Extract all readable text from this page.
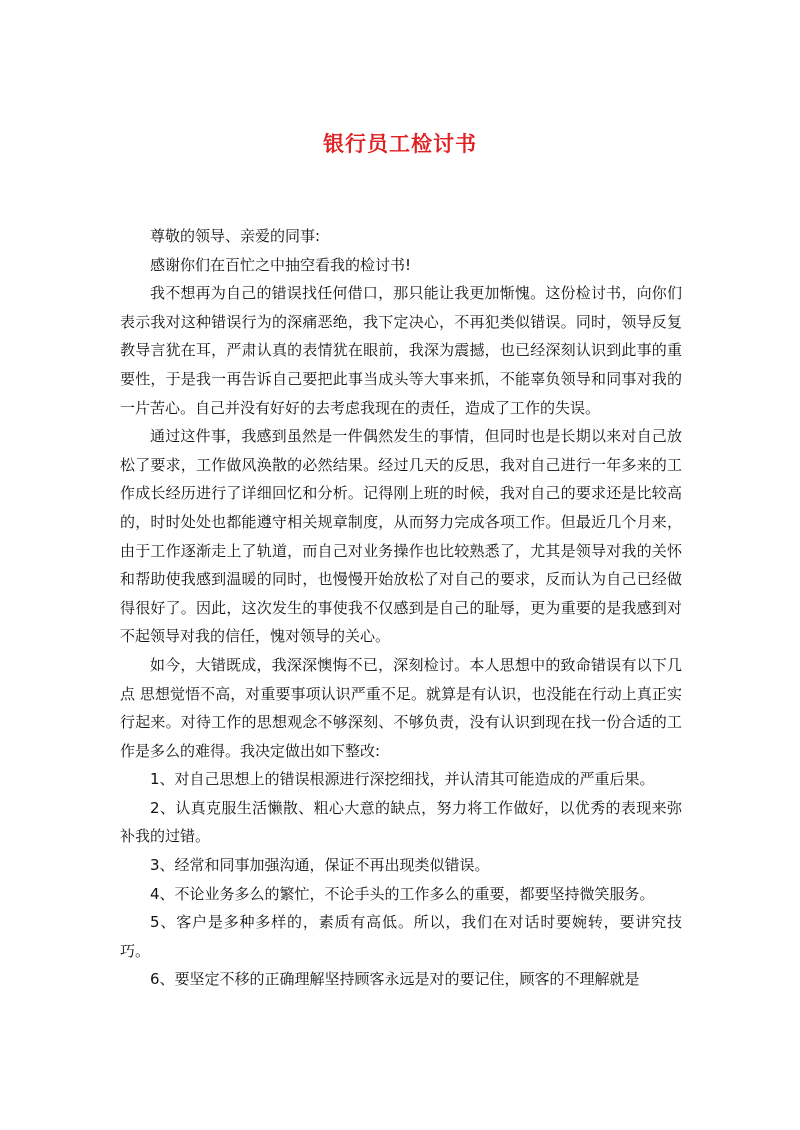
银行员工检讨书

尊敬的领导、亲爱的同事:

感谢你们在百忙之中抽空看我的检讨书!

我不想再为自己的错误找任何借口，那只能让我更加惭愧。这份检讨书，向你们表示我对这种错误行为的深痛恶绝，我下定决心，不再犯类似错误。同时，领导反复教导言犹在耳，严肃认真的表情犹在眼前，我深为震撼，也已经深刻认识到此事的重要性，于是我一再告诉自己要把此事当成头等大事来抓，不能辜负领导和同事对我的一片苦心。自己并没有好好的去考虑我现在的责任，造成了工作的失误。

通过这件事，我感到虽然是一件偶然发生的事情，但同时也是长期以来对自己放松了要求，工作做风涣散的必然结果。经过几天的反思，我对自己进行一年多来的工作成长经历进行了详细回忆和分析。记得刚上班的时候，我对自己的要求还是比较高的，时时处处也都能遵守相关规章制度，从而努力完成各项工作。但最近几个月来，由于工作逐渐走上了轨道，而自己对业务操作也比较熟悉了，尤其是领导对我的关怀和帮助使我感到温暖的同时，也慢慢开始放松了对自己的要求，反而认为自己已经做得很好了。因此，这次发生的事使我不仅感到是自己的耻辱，更为重要的是我感到对不起领导对我的信任，愧对领导的关心。

如今，大错既成，我深深懊悔不已，深刻检讨。本人思想中的致命错误有以下几点 思想觉悟不高，对重要事项认识严重不足。就算是有认识，也没能在行动上真正实行起来。对待工作的思想观念不够深刻、不够负责，没有认识到现在找一份合适的工作是多么的难得。我决定做出如下整改:

1、对自己思想上的错误根源进行深挖细找，并认清其可能造成的严重后果。

2、认真克服生活懒散、粗心大意的缺点，努力将工作做好，以优秀的表现来弥补我的过错。

3、经常和同事加强沟通，保证不再出现类似错误。

4、不论业务多么的繁忙，不论手头的工作多么的重要，都要坚持微笑服务。

5、客户是多种多样的，素质有高低。所以，我们在对话时要婉转，要讲究技巧。

6、要坚定不移的正确理解坚持顾客永远是对的要记住，顾客的不理解就是
